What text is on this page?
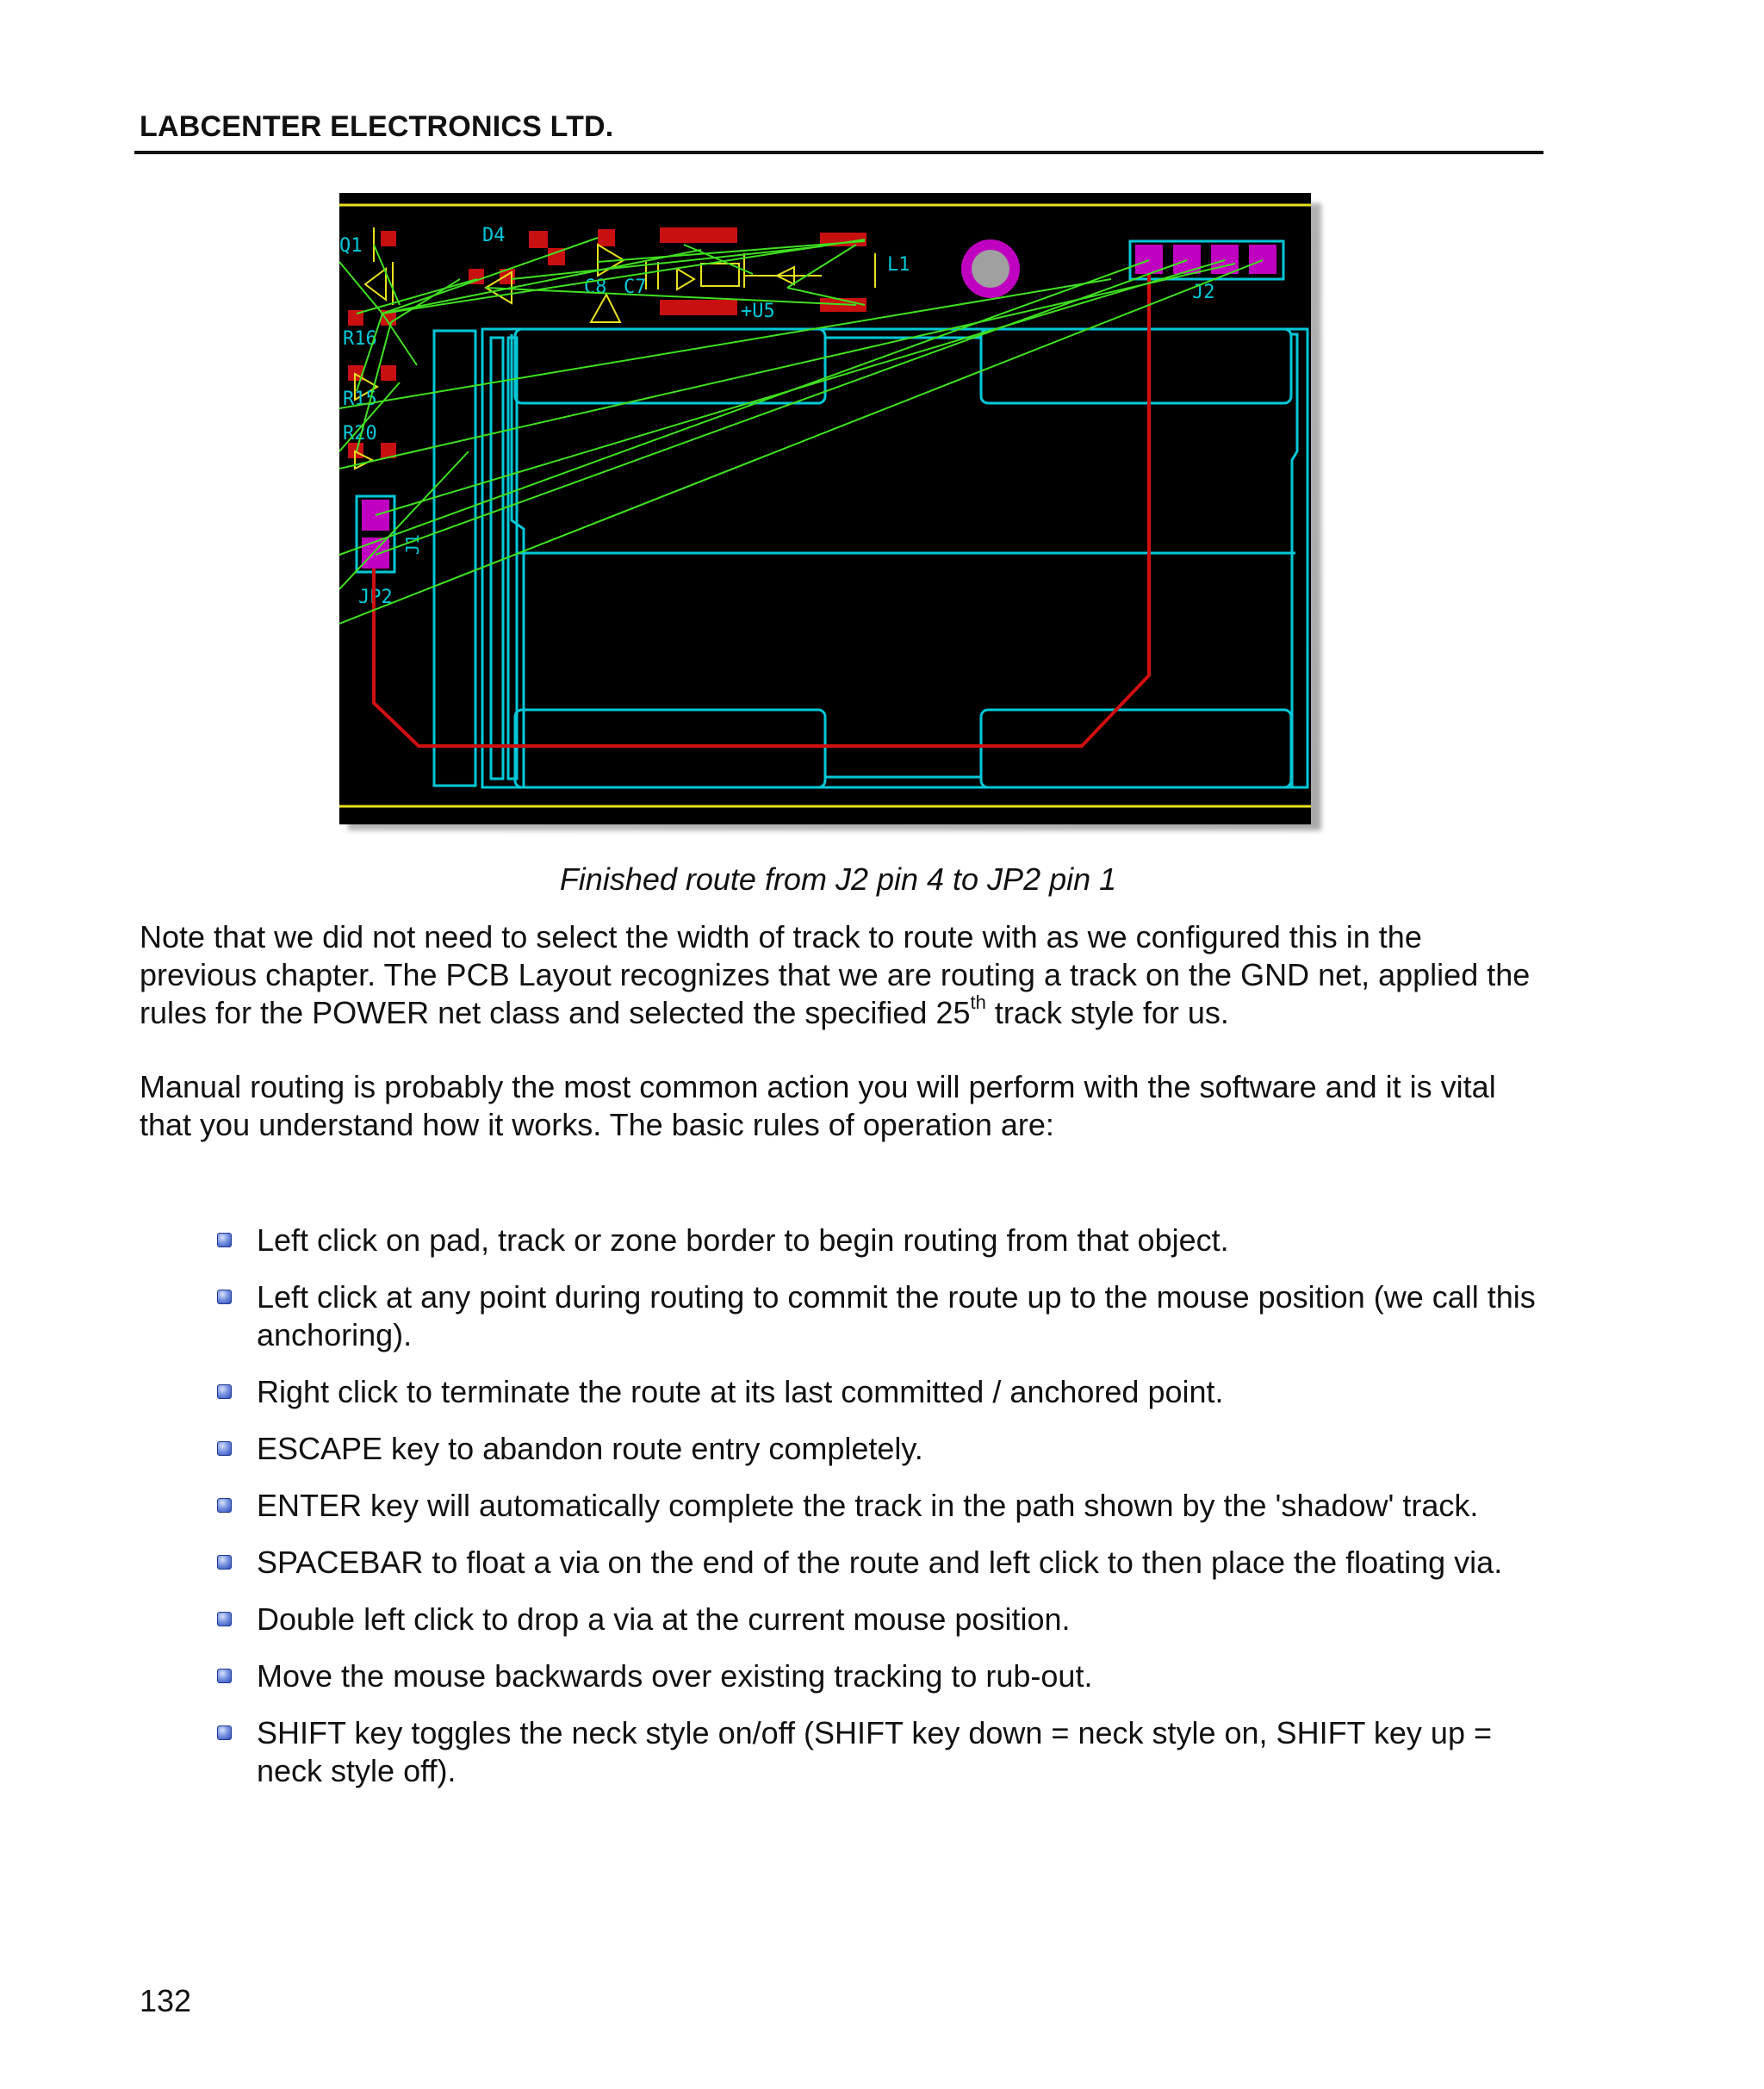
LABCENTER ELECTRONICS LTD.
J2
JP2
J1
Q1	D4
C8 C7
L1
+U5
R16
R15
R20
Finished route from J2 pin 4 to JP2 pin 1

Note that we did not need to select the width of track to route with as we configured this in the previous chapter. The PCB Layout recognizes that we are routing a track on the GND net, applied the rules for the POWER net class and selected the specified 25th track style for us.

Manual routing is probably the most common action you will perform with the software and it is vital that you understand how it works. The basic rules of operation are:

Left click on pad, track or zone border to begin routing from that object.
Left click at any point during routing to commit the route up to the mouse position (we call this anchoring).
Right click to terminate the route at its last committed / anchored point.
ESCAPE key to abandon route entry completely.
ENTER key will automatically complete the track in the path shown by the 'shadow' track.
SPACEBAR to float a via on the end of the route and left click to then place the floating via.
Double left click to drop a via at the current mouse position.
Move the mouse backwards over existing tracking to rub-out.
SHIFT key toggles the neck style on/off (SHIFT key down = neck style on, SHIFT key up = neck style off).
132
